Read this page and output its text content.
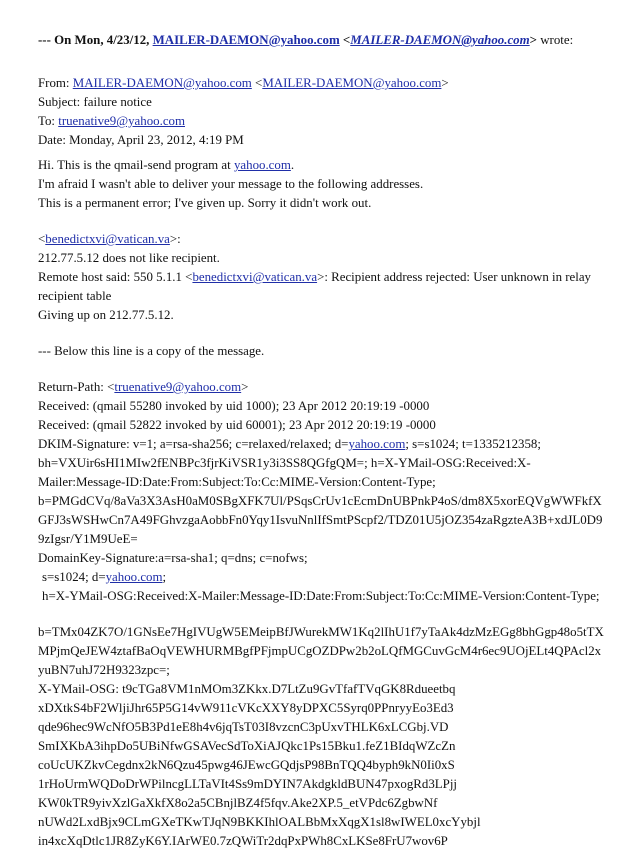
--- On Mon, 4/23/12, MAILER-DAEMON@yahoo.com <MAILER-DAEMON@yahoo.com> wrote:
From: MAILER-DAEMON@yahoo.com <MAILER-DAEMON@yahoo.com>
Subject: failure notice
To: truenative9@yahoo.com
Date: Monday, April 23, 2012, 4:19 PM
Hi. This is the qmail-send program at yahoo.com.
I'm afraid I wasn't able to deliver your message to the following addresses.
This is a permanent error; I've given up. Sorry it didn't work out.
<benedictxvi@vatican.va>:
212.77.5.12 does not like recipient.
Remote host said: 550 5.1.1 <benedictxvi@vatican.va>: Recipient address rejected: User unknown in relay
recipient table
Giving up on 212.77.5.12.
--- Below this line is a copy of the message.
Return-Path: <truenative9@yahoo.com>
Received: (qmail 55280 invoked by uid 1000); 23 Apr 2012 20:19:19 -0000
Received: (qmail 52822 invoked by uid 60001); 23 Apr 2012 20:19:19 -0000
DKIM-Signature: v=1; a=rsa-sha256; c=relaxed/relaxed; d=yahoo.com; s=s1024; t=1335212358;
bh=VXUir6sHI1MIw2fENBPc3fjrKiVSR1y3i3SS8QGfgQM=; h=X-YMail-OSG:Received:X-
Mailer:Message-ID:Date:From:Subject:To:Cc:MIME-Version:Content-Type;
b=PMGdCVq/8aVa3X3AsH0aM0SBgXFK7Ul/PSqsCrUv1cEcmDnUBPnkP4oS/dm8X5xorEQVgWWFkfX
GFJ3sWSHwCn7A49FGhvzgaAobbFn0Yqy1IsvuNnlIfSmtPScpf2/TDZ01U5jOZ354zaRgzteA3B+xdJL0D9
9zIgsr/Y1M9UeE=
DomainKey-Signature:a=rsa-sha1; q=dns; c=nofws;
s=s1024; d=yahoo.com;
h=X-YMail-OSG:Received:X-Mailer:Message-ID:Date:From:Subject:To:Cc:MIME-Version:Content-Type;
b=TMx04ZK7O/1GNsEe7HgIVUgW5EMeipBfJWurekMW1Kq2lIhU1f7yTaAk4dzMzEGg8bhGgp48o5tTX
MPjmQeJEW4ztafBaOqVEWHURMBgfPFjmpUCgOZDPw2b2oLQfMGCuvGcM4r6ec9UOjELt4QPAcl2x
yuBN7uhJ72H9323zpc=;
X-YMail-OSG: t9cTGa8VM1nMOm3ZKkx.D7LtZu9GvTfafTVqGK8Rdueetbq
xDXtkS4bF2WljiJhr65P5G14vW911cVKcXXY8yDPXC5Syrq0PPnryyEo3Ed3
qde96hec9WcNfO5B3Pd1eE8h4v6jqTsT03I8vzcnC3pUxvTHLK6xLCGbj.VD
SmIXKbA3ihpDo5UBiNfwGSAVecSdToXiAJQkc1Ps15Bku1.feZ1BIdqWZcZn
coUcUKZkvCegdnx2kN6Qzu45pwg46JEwcGQdjsP98BnTQQ4byph9kN0Ii0xS
1rHoUrmWQDoDrWPilncgLLTaVIt4Ss9mDYIN7AkdgkldBUN47pxogRd3LPjj
KW0kTR9yivXzlGaXkfX8o2a5CBnjlBZ4f5fqv.Ake2XP.5_etVPdc6ZgbwNf
nUWd2LxdBjx9CLmGXeTKwTJqN9BKKIhlOALBbMxXqgX1sl8wIWEL0xcYybjl
in4xcXqDtlc1JR8ZyK6Y.IArWE0.7zQWiTr2dqPxPWh8CxLKSe8FrU7wov6P
